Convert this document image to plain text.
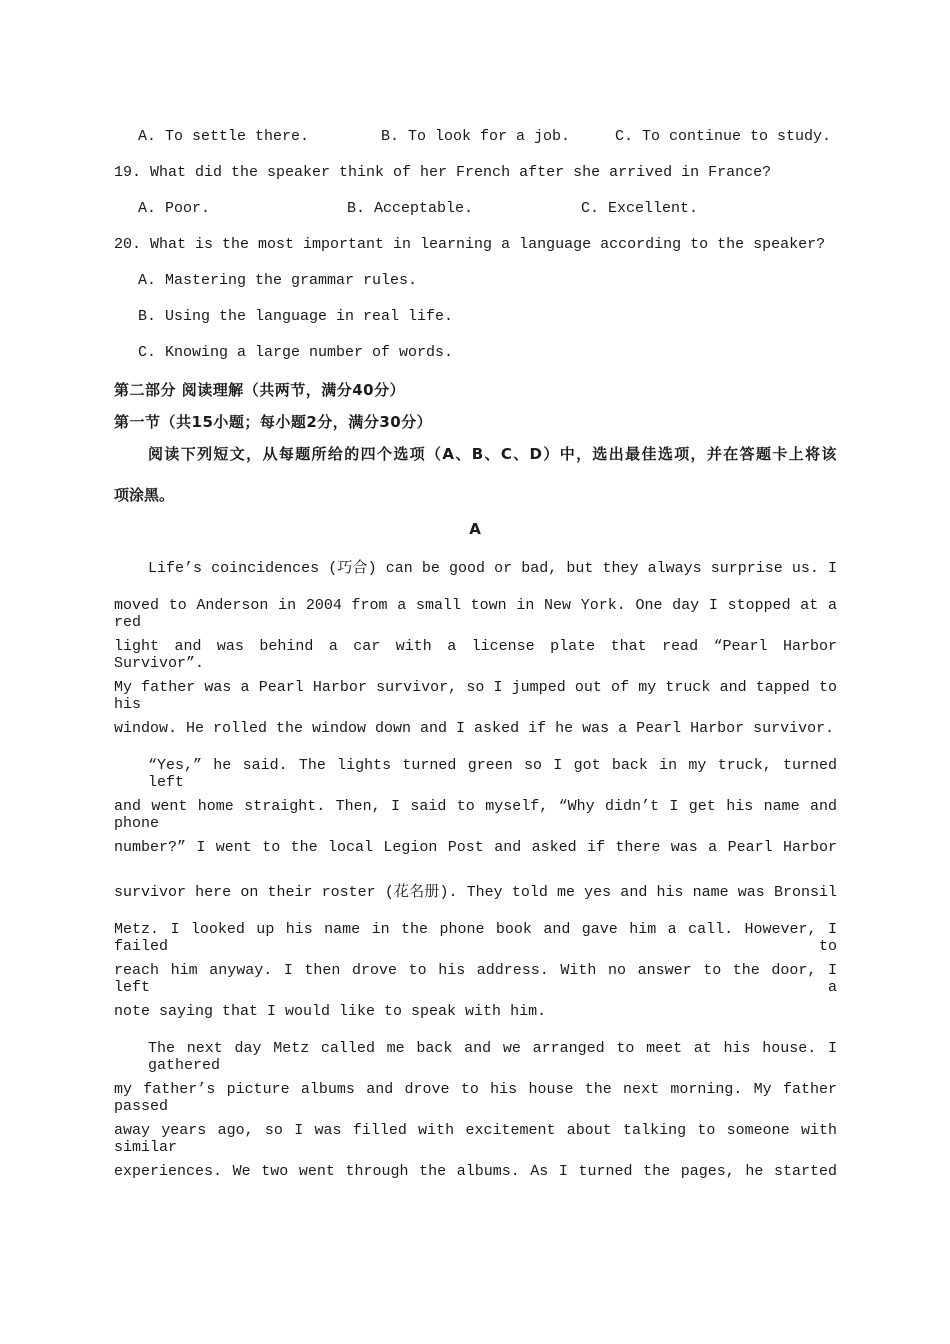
A. To settle there.	B. To look for a job.	C. To continue to study.
19. What did the speaker think of her French after she arrived in France?
A. Poor.	B. Acceptable.	C. Excellent.
20. What is the most important in learning a language according to the speaker?
A. Mastering the grammar rules.
B. Using the language in real life.
C. Knowing a large number of words.
第二部分 阅读理解（共两节，满分40分）
第一节（共15小题；每小题2分，满分30分）
阅读下列短文，从每题所给的四个选项（A、B、C、D）中，选出最佳选项，并在答题卡上将该
项涂黑。
A
Life’s coincidences (巧合) can be good or bad, but they always surprise us. I
moved to Anderson in 2004 from a small town in New York. One day I stopped at a red
light and was behind a car with a license plate that read “Pearl Harbor Survivor”.
My father was a Pearl Harbor survivor, so I jumped out of my truck and tapped to his
window. He rolled the window down and I asked if he was a Pearl Harbor survivor.
“Yes,” he said. The lights turned green so I got back in my truck, turned left
and went home straight. Then, I said to myself, “Why didn’t I get his name and phone
number?” I went to the local Legion Post and asked if there was a Pearl Harbor
survivor here on their roster (花名册). They told me yes and his name was Bronsil
Metz. I looked up his name in the phone book and gave him a call. However, I failed to
reach him anyway. I then drove to his address. With no answer to the door, I left a
note saying that I would like to speak with him.
The next day Metz called me back and we arranged to meet at his house. I gathered
my father’s picture albums and drove to his house the next morning. My father passed
away years ago, so I was filled with excitement about talking to someone with similar
experiences. We two went through the albums. As I turned the pages, he started
